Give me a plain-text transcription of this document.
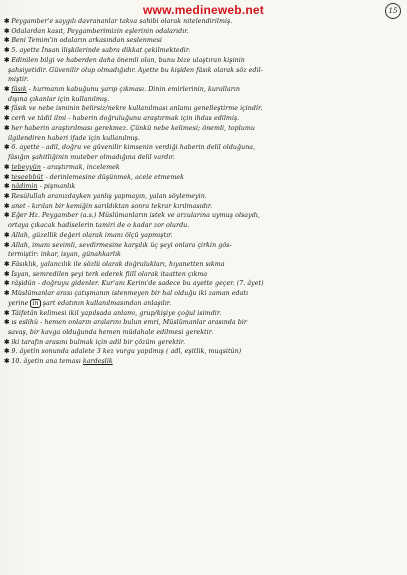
www.medineweb.net	15
✱ Peygamber'e saygılı davrananlar takva sahibi olarak nitelendirilmiş.
✱ Odalardan kasıt, Peygamberimizin eşlerinin odalarıdır.
✱ Beni Temim'in odaların arkasından seslenmesi
✱ 5. ayette İnsan ilişkilerinde sabra dikkat çekilmektedir.
✱ Edinilen bilgi ve haberden daha önemli olan, bunu bize ulaştıran kişinin
şahsiyetidir. Güvenilir olup olmadığıdır. Ayette bu kişiden fâsık olarak söz edil-
miştir.
✱ fâsık - hurmanın kabuğunu yarıp çıkması. Dinin emirlerinin, kuralların
dışına çıkanlar için kullanılmış.
✱ fâsık ve nebe isminin belirsiz/nekre kullanılması anlamı genelleştirme içindir.
✱ cerh ve tâdil ilmi - haberin doğruluğunu araştırmak için ihdas edilmiş.
✱ her haberin araştırılması gerekmez. Çünkü nebe kelimesi; önemli, toplumu
ilgilendiren haberi ifade için kullanılmış.
✱ 6. ayette - adil, doğru ve güvenilir kimsenin verdiği haberin delil olduğuna,
fâsığın şahitliğinin muteber olmadığına delil vardır.
✱ tebeyyün - araştırmak, incelemek
✱ teseebbüt - derinlemesine düşünmek, acele etmemek
✱ nâdimin - pişmanlık
✱ Resûlullah aranızdayken yanlış yapmayın, yalan söylemeyin.
✱ anet - kırılan bir kemiğin sarıldıktan sonra tekrar kırılmasıdır.
✱ Eğer Hz. Peygamber (a.s.) Müslümanların istek ve arzularına uymuş olsaydı,
ortaya çıkacak hadiselerin tamiri de o kadar zor olurdu.
✱ Allah, güzellik değeri olarak imanı ölçü yapmıştır.
✱ Allah, imanı sevimli, sevdirmesine karşılık üç şeyi onlara çirkin gös-
termiştir: inkar, isyan, günahkarlık
✱ Fâsıklık, yalancılık ile sözlü olarak doğrulukları, hıyanetten sıkma
✱ İsyan, semredilen şeyi terk ederek fiilî olarak itaatten çıkma
✱ râşidûn - doğruyu gidenler. Kur'anı Kerim'de sadece bu ayette geçer. (7. âyet)
✱ Müslümanlar arası çatışmanın istenmeyen bir hal olduğu iki zaman edatı
yerine in şart edatının kullanılmasından anlaşılır.
✱ Tâifetân kelimesi ikil yapılsada anlamı, grup/kişiye çoğul isimdir.
✱ ıs eslihû - hemen onların aralarını bulun emri, Müslümanlar arasında bir
savaş, bir kavga olduğunda hemen müdahale edilmesi gerektir.
✱ iki tarafın arasını bulmak için adil bir çözüm gerektir.
✱ 9. âyetin sonunda adalete 3 kez vurgu yapılmış ( adl, eşitlik, muqsitûn)
✱ 10. âyetin ana teması kardeşlik
